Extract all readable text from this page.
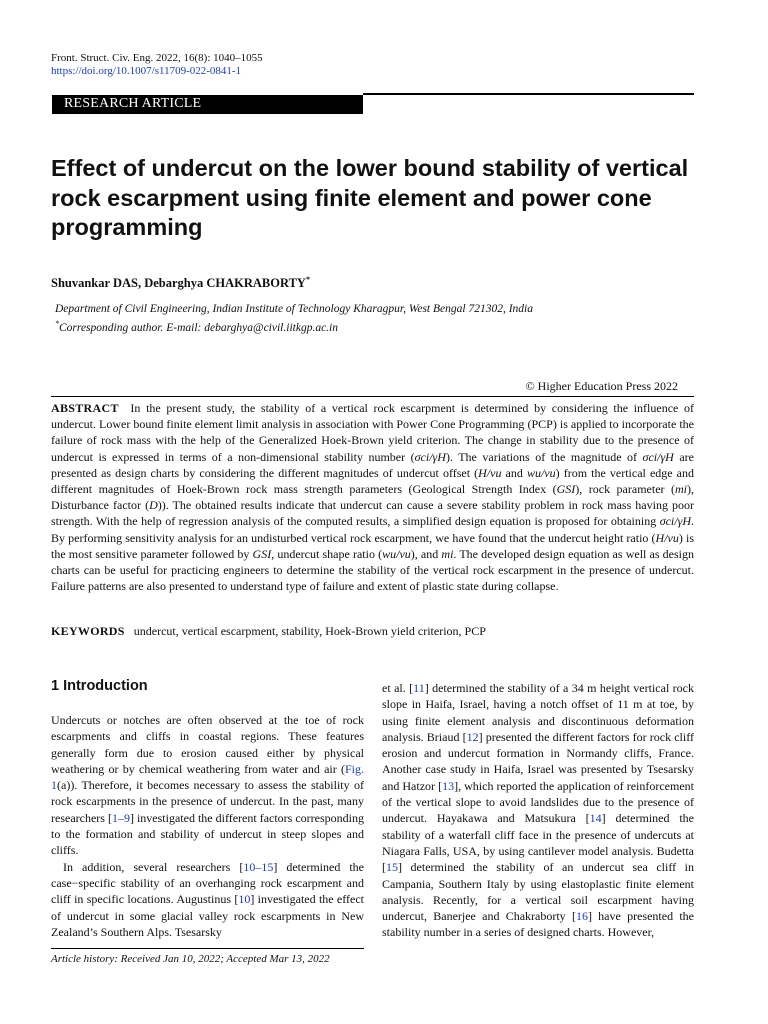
Front. Struct. Civ. Eng. 2022, 16(8): 1040–1055
https://doi.org/10.1007/s11709-022-0841-1
RESEARCH ARTICLE
Effect of undercut on the lower bound stability of vertical rock escarpment using finite element and power cone programming
Shuvankar DAS, Debarghya CHAKRABORTY*
Department of Civil Engineering, Indian Institute of Technology Kharagpur, West Bengal 721302, India
*Corresponding author. E-mail: debarghya@civil.iitkgp.ac.in
© Higher Education Press 2022
ABSTRACT In the present study, the stability of a vertical rock escarpment is determined by considering the influence of undercut. Lower bound finite element limit analysis in association with Power Cone Programming (PCP) is applied to incorporate the failure of rock mass with the help of the Generalized Hoek-Brown yield criterion. The change in stability due to the presence of undercut is expressed in terms of a non-dimensional stability number (σci/γH). The variations of the magnitude of σci/γH are presented as design charts by considering the different magnitudes of undercut offset (H/vu and wu/vu) from the vertical edge and different magnitudes of Hoek-Brown rock mass strength parameters (Geological Strength Index (GSI), rock parameter (mi), Disturbance factor (D)). The obtained results indicate that undercut can cause a severe stability problem in rock mass having poor strength. With the help of regression analysis of the computed results, a simplified design equation is proposed for obtaining σci/γH. By performing sensitivity analysis for an undisturbed vertical rock escarpment, we have found that the undercut height ratio (H/vu) is the most sensitive parameter followed by GSI, undercut shape ratio (wu/vu), and mi. The developed design equation as well as design charts can be useful for practicing engineers to determine the stability of the vertical rock escarpment in the presence of undercut. Failure patterns are also presented to understand type of failure and extent of plastic state during collapse.
KEYWORDS undercut, vertical escarpment, stability, Hoek-Brown yield criterion, PCP
1 Introduction

Undercuts or notches are often observed at the toe of rock escarpments and cliffs in coastal regions. These features generally form due to erosion caused either by physical weathering or by chemical weathering from water and air (Fig. 1(a)). Therefore, it becomes necessary to assess the stability of rock escarpments in the presence of undercut. In the past, many researchers [1–9] investigated the different factors corresponding to the formation and stability of undercut in steep slopes and cliffs.

In addition, several researchers [10–15] determined the case−specific stability of an overhanging rock escarpment and cliff in specific locations. Augustinus [10] investigated the effect of undercut in some glacial valley rock escarpments in New Zealand’s Southern Alps. Tsesarsky

et al. [11] determined the stability of a 34 m height vertical rock slope in Haifa, Israel, having a notch offset of 11 m at toe, by using finite element analysis and discontinuous deformation analysis. Briaud [12] presented the different factors for rock cliff erosion and undercut formation in Normandy cliffs, France. Another case study in Haifa, Israel was presented by Tsesarsky and Hatzor [13], which reported the application of reinforcement of the vertical slope to avoid landslides due to the presence of undercut. Hayakawa and Matsukura [14] determined the stability of a waterfall cliff face in the presence of undercuts at Niagara Falls, USA, by using cantilever model analysis. Budetta [15] determined the stability of an undercut sea cliff in Campania, Southern Italy by using elastoplastic finite element analysis. Recently, for a vertical soil escarpment having undercut, Banerjee and Chakraborty [16] have presented the stability number in a series of designed charts. However,

Article history: Received Jan 10, 2022; Accepted Mar 13, 2022
